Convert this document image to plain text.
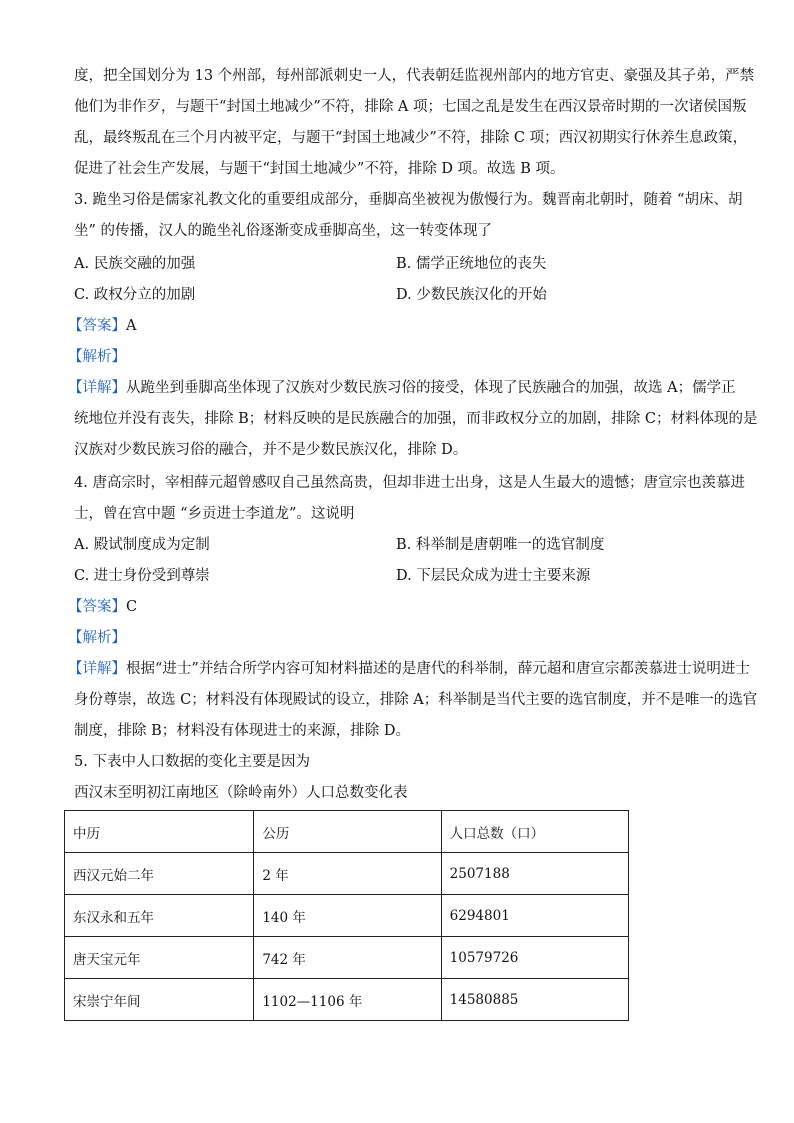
度，把全国划分为 13 个州部，每州部派刺史一人，代表朝廷监视州部内的地方官吏、豪强及其子弟，严禁
他们为非作歹，与题干“封国土地减少”不符，排除 A 项；七国之乱是发生在西汉景帝时期的一次诸侯国叛
乱，最终叛乱在三个月内被平定，与题干“封国土地减少”不符，排除 C 项；西汉初期实行休养生息政策，
促进了社会生产发展，与题干“封国土地减少”不符，排除 D 项。故选 B 项。
3. 跪坐习俗是儒家礼教文化的重要组成部分，垂脚高坐被视为傲慢行为。魏晋南北朝时，随着 “胡床、胡
坐” 的传播，汉人的跪坐礼俗逐渐变成垂脚高坐，这一转变体现了
A. 民族交融的加强	B. 儒学正统地位的丧失
C. 政权分立的加剧	D. 少数民族汉化的开始
【答案】A
【解析】
【详解】从跪坐到垂脚高坐体现了汉族对少数民族习俗的接受，体现了民族融合的加强，故选 A；儒学正
统地位并没有丧失，排除 B；材料反映的是民族融合的加强，而非政权分立的加剧，排除 C；材料体现的是
汉族对少数民族习俗的融合，并不是少数民族汉化，排除 D。
4. 唐高宗时，宰相薛元超曾感叹自己虽然高贵，但却非进士出身，这是人生最大的遗憾；唐宣宗也羡慕进
士，曾在宫中题 “乡贡进士李道龙”。这说明
A. 殿试制度成为定制	B. 科举制是唐朝唯一的选官制度
C. 进士身份受到尊崇	D. 下层民众成为进士主要来源
【答案】C
【解析】
【详解】根据“进士”并结合所学内容可知材料描述的是唐代的科举制，薛元超和唐宣宗都羡慕进士说明进士
身份尊崇，故选 C；材料没有体现殿试的设立，排除 A；科举制是当代主要的选官制度，并不是唯一的选官
制度，排除 B；材料没有体现进士的来源，排除 D。
5. 下表中人口数据的变化主要是因为
西汉末至明初江南地区（除岭南外）人口总数变化表
中历	公历	人口总数（口）
西汉元始二年	2 年	2507188
东汉永和五年	140 年	6294801
唐天宝元年	742 年	10579726
宋崇宁年间	1102—1106 年	14580885
